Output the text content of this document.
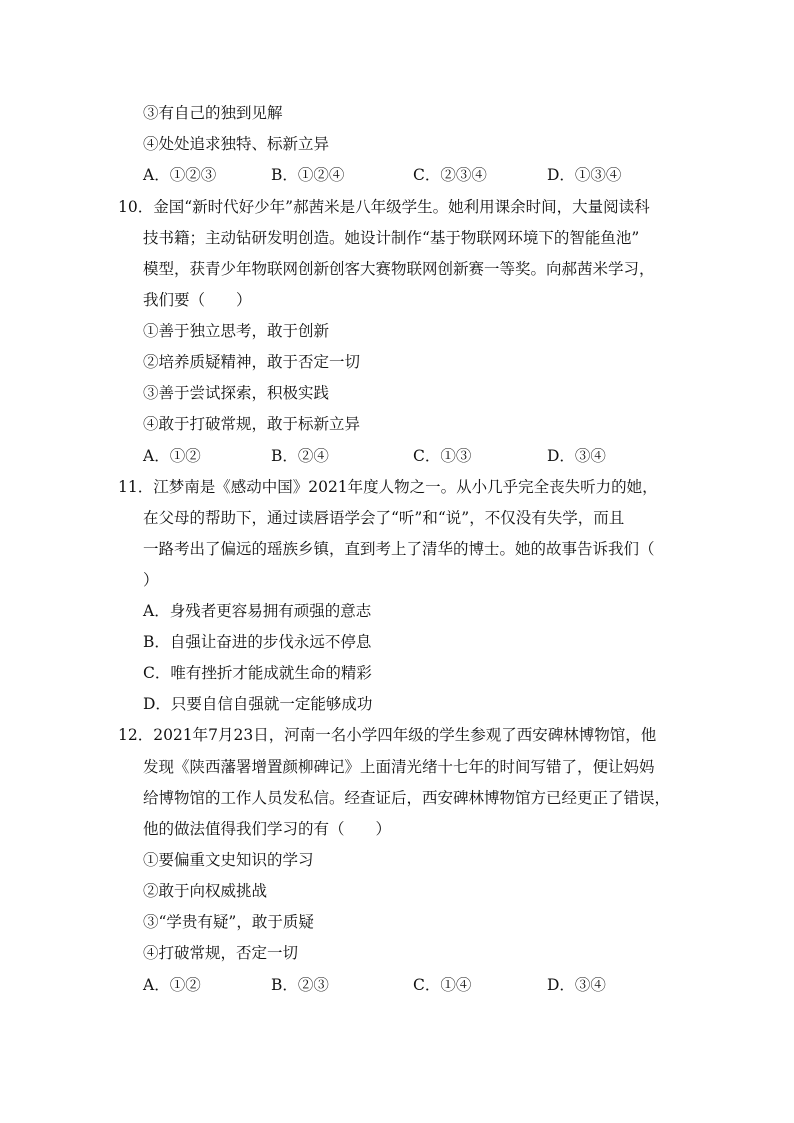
③有自己的独到见解
④处处追求独特、标新立异
A．①②③	B．①②④	C．②③④	D．①③④
10．金国“新时代好少年”郝茜米是八年级学生。她利用课余时间，大量阅读科
技书籍；主动钻研发明创造。她设计制作“基于物联网环境下的智能鱼池”
模型，获青少年物联网创新创客大赛物联网创新赛一等奖。向郝茜米学习，
我们要（　　）
①善于独立思考，敢于创新
②培养质疑精神，敢于否定一切
③善于尝试探索，积极实践
④敢于打破常规，敢于标新立异
A．①②	B．②④	C．①③	D．③④
11．江梦南是《感动中国》2021年度人物之一。从小几乎完全丧失听力的她，
在父母的帮助下，通过读唇语学会了“听”和“说”，不仅没有失学，而且
一路考出了偏远的瑶族乡镇，直到考上了清华的博士。她的故事告诉我们（
）
A．身残者更容易拥有顽强的意志
B．自强让奋进的步伐永远不停息
C．唯有挫折才能成就生命的精彩
D．只要自信自强就一定能够成功
12．2021年7月23日，河南一名小学四年级的学生参观了西安碑林博物馆，他
发现《陕西藩署增置颜柳碑记》上面清光绪十七年的时间写错了，便让妈妈
给博物馆的工作人员发私信。经查证后，西安碑林博物馆方已经更正了错误，
他的做法值得我们学习的有（　　）
①要偏重文史知识的学习
②敢于向权威挑战
③“学贵有疑”，敢于质疑
④打破常规，否定一切
A．①②	B．②③	C．①④	D．③④
